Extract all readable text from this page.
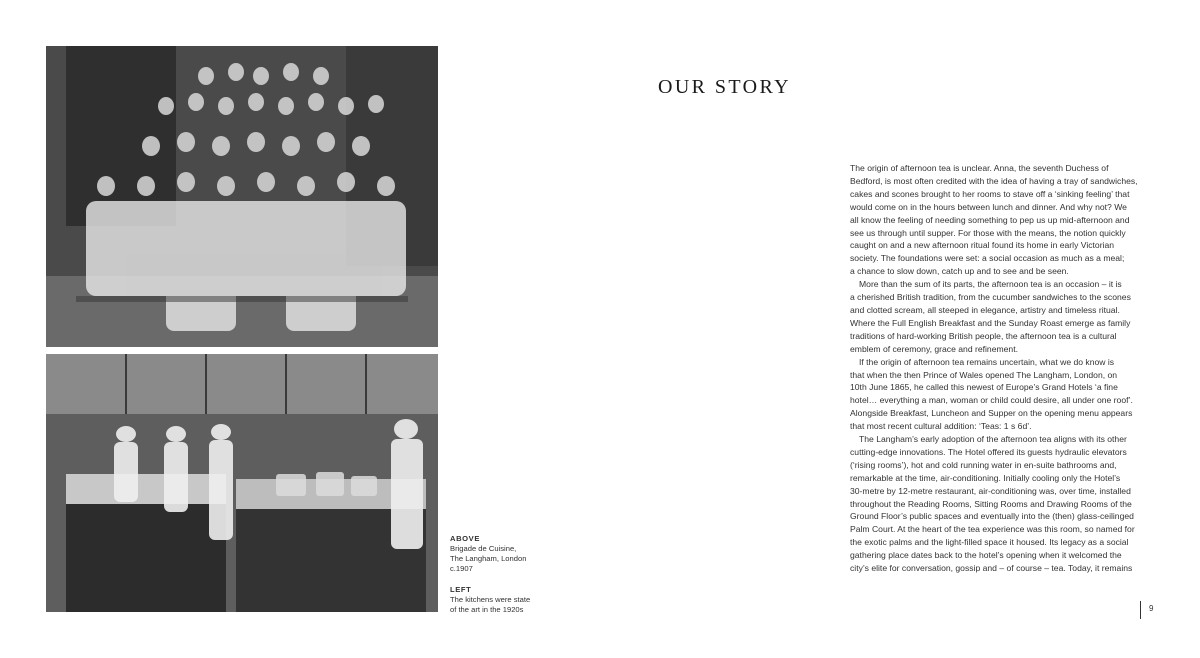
ABOVE
Brigade de Cuisine,
The Langham, London
c.1907
LEFT
The kitchens were state
of the art in the 1920s
OUR STORY
The origin of afternoon tea is unclear. Anna, the seventh Duchess of
Bedford, is most often credited with the idea of having a tray of sandwiches,
cakes and scones brought to her rooms to stave off a ‘sinking feeling’ that
would come on in the hours between lunch and dinner. And why not? We
all know the feeling of needing something to pep us up mid-afternoon and
see us through until supper. For those with the means, the notion quickly
caught on and a new afternoon ritual found its home in early Victorian
society. The foundations were set: a social occasion as much as a meal;
a chance to slow down, catch up and to see and be seen.
More than the sum of its parts, the afternoon tea is an occasion – it is
a cherished British tradition, from the cucumber sandwiches to the scones
and clotted scream, all steeped in elegance, artistry and timeless ritual.
Where the Full English Breakfast and the Sunday Roast emerge as family
traditions of hard-working British people, the afternoon tea is a cultural
emblem of ceremony, grace and refinement.
If the origin of afternoon tea remains uncertain, what we do know is
that when the then Prince of Wales opened The Langham, London, on
10th June 1865, he called this newest of Europe’s Grand Hotels ‘a fine
hotel… everything a man, woman or child could desire, all under one roof’.
Alongside Breakfast, Luncheon and Supper on the opening menu appears
that most recent cultural addition: ‘Teas: 1 s 6d’.
The Langham’s early adoption of the afternoon tea aligns with its other
cutting-edge innovations. The Hotel offered its guests hydraulic elevators
(‘rising rooms’), hot and cold running water in en-suite bathrooms and,
remarkable at the time, air-conditioning. Initially cooling only the Hotel’s
30-metre by 12-metre restaurant, air-conditioning was, over time, installed
throughout the Reading Rooms, Sitting Rooms and Drawing Rooms of the
Ground Floor’s public spaces and eventually into the (then) glass-ceilinged
Palm Court. At the heart of the tea experience was this room, so named for
the exotic palms and the light-filled space it housed. Its legacy as a social
gathering place dates back to the hotel’s opening when it welcomed the
city’s elite for conversation, gossip and – of course – tea. Today, it remains
9
